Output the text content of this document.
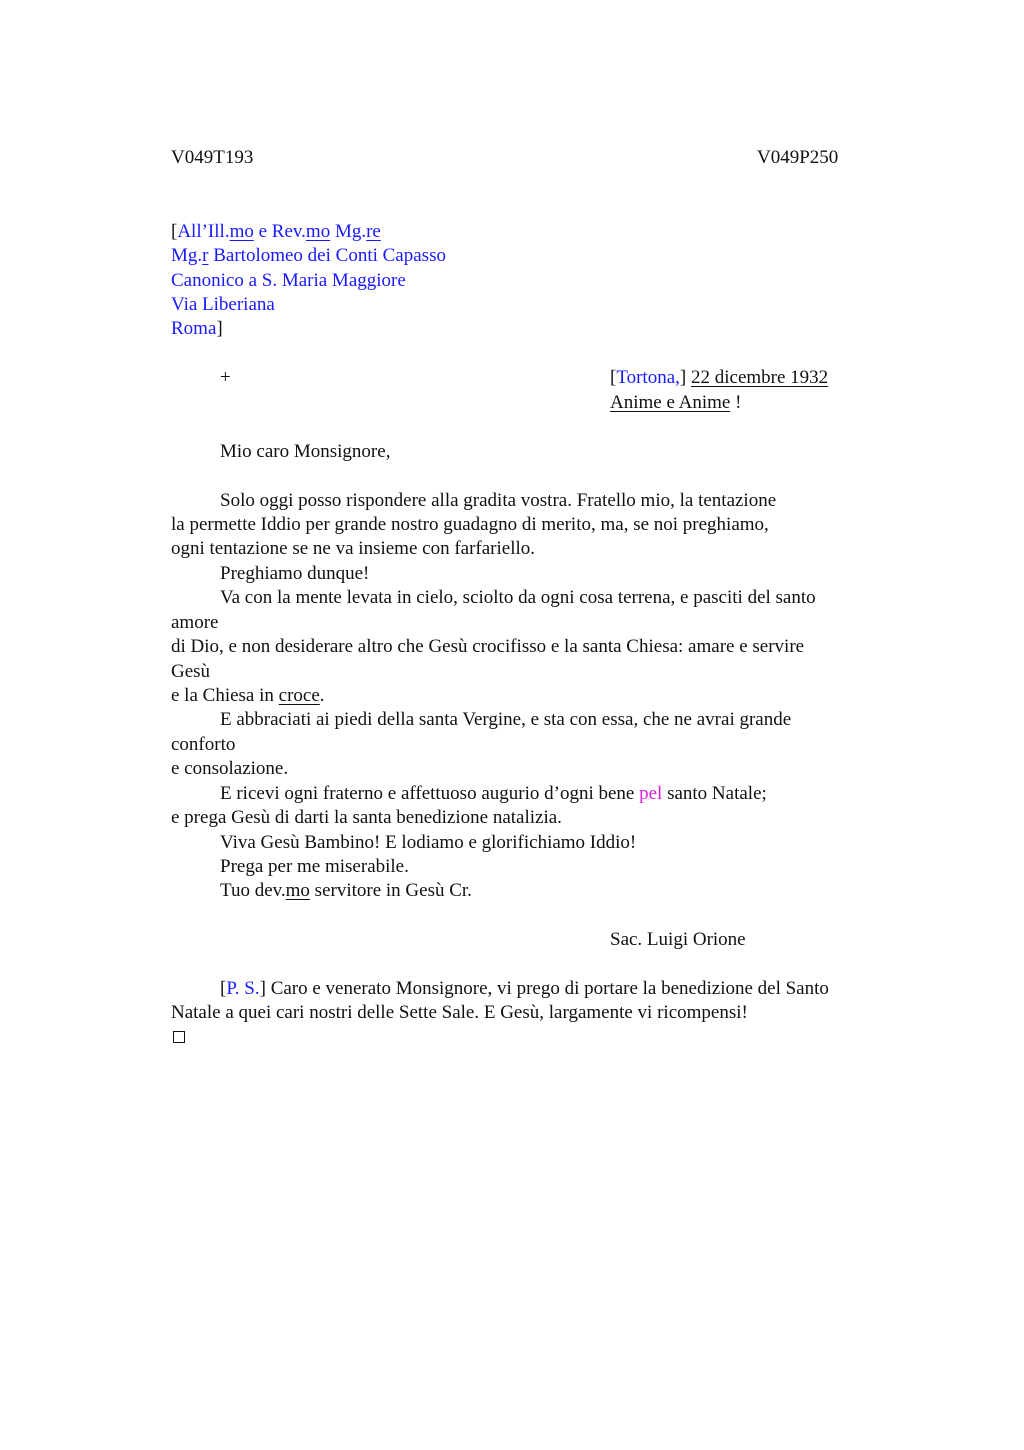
V049T193	V049P250
[All’Ill.mo e Rev.mo Mg.re
Mg.r Bartolomeo dei Conti Capasso
Canonico a S. Maria Maggiore
Via Liberiana
Roma]
+	[Tortona,] 22 dicembre 1932
Anime e Anime !
Mio caro Monsignore,
Solo oggi posso rispondere alla gradita vostra. Fratello mio, la tentazione
la permette Iddio per grande nostro guadagno di merito, ma, se noi preghiamo,
ogni tentazione se ne va insieme con farfariello.
Preghiamo dunque!
Va con la mente levata in cielo, sciolto da ogni cosa terrena, e pasciti del santo
amore
di Dio, e non desiderare altro che Gesù crocifisso e la santa Chiesa: amare e servire
Gesù
e la Chiesa in croce.
E abbraciati ai piedi della santa Vergine, e sta con essa, che ne avrai grande
conforto
e consolazione.
E ricevi ogni fraterno e affettuoso augurio d’ogni bene pel santo Natale;
e prega Gesù di darti la santa benedizione natalizia.
Viva Gesù Bambino! E lodiamo e glorifichiamo Iddio!
Prega per me miserabile.
Tuo dev.mo servitore in Gesù Cr.
Sac. Luigi Orione
[P. S.] Caro e venerato Monsignore, vi prego di portare la benedizione del Santo
Natale a quei cari nostri delle Sette Sale. E Gesù, largamente vi ricompensi!
